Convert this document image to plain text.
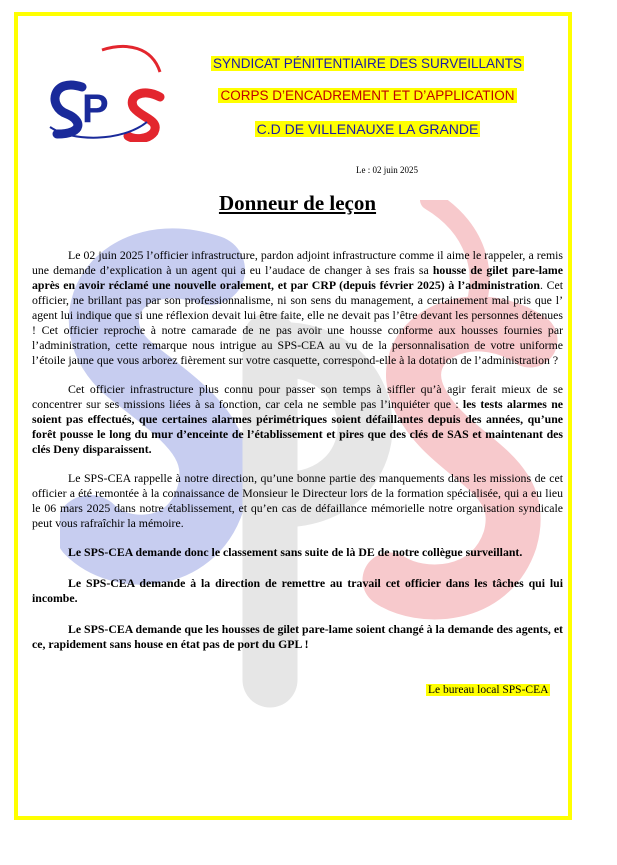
P
SYNDICAT PÉNITENTIAIRE DES SURVEILLANTS
CORPS D’ENCADREMENT ET D’APPLICATION
C.D DE VILLENAUXE LA GRANDE
Le : 02 juin 2025
Donneur de leçon

Le 02 juin 2025 l’officier infrastructure, pardon adjoint infrastructure comme il aime le rappeler, a remis une demande d’explication à un agent qui a eu l’audace de changer à ses frais sa housse de gilet pare-lame après en avoir réclamé une nouvelle oralement, et par CRP (depuis février 2025) à l’administration. Cet officier, ne brillant pas par son professionnalisme, ni son sens du management, a certainement mal pris que l’ agent lui indique que si une réflexion devait lui être faite, elle ne devait pas l’être devant les personnes détenues ! Cet officier reproche à notre camarade de ne pas avoir une housse conforme aux housses fournies par l’administration, cette remarque nous intrigue au SPS-CEA au vu de la personnalisation de votre uniforme l’étoile jaune que vous arborez fièrement sur votre casquette, correspond-elle à la dotation de l’administration ?

Cet officier infrastructure plus connu pour passer son temps à siffler qu’à agir ferait mieux de se concentrer sur ses missions liées à sa fonction, car cela ne semble pas l’inquiéter que : les tests alarmes ne soient pas effectués, que certaines alarmes périmétriques soient défaillantes depuis des années, qu’une forêt pousse le long du mur d’enceinte de l’établissement et pires que des clés de SAS et maintenant des clés Deny disparaissent.

Le SPS-CEA rappelle à notre direction, qu’une bonne partie des manquements dans les missions de cet officier a été remontée à la connaissance de Monsieur le Directeur lors de la formation spécialisée, qui a eu lieu le 06 mars 2025 dans notre établissement, et qu’en cas de défaillance mémorielle notre organisation syndicale peut vous rafraîchir la mémoire.

Le SPS-CEA demande donc le classement sans suite de là DE de notre collègue surveillant.

Le SPS-CEA demande à la direction de remettre au travail cet officier dans les tâches qui lui incombe.

Le SPS-CEA demande que les housses de gilet pare-lame soient changé à la demande des agents, et ce, rapidement sans house en état pas de port du GPL !

Le bureau local SPS-CEA
